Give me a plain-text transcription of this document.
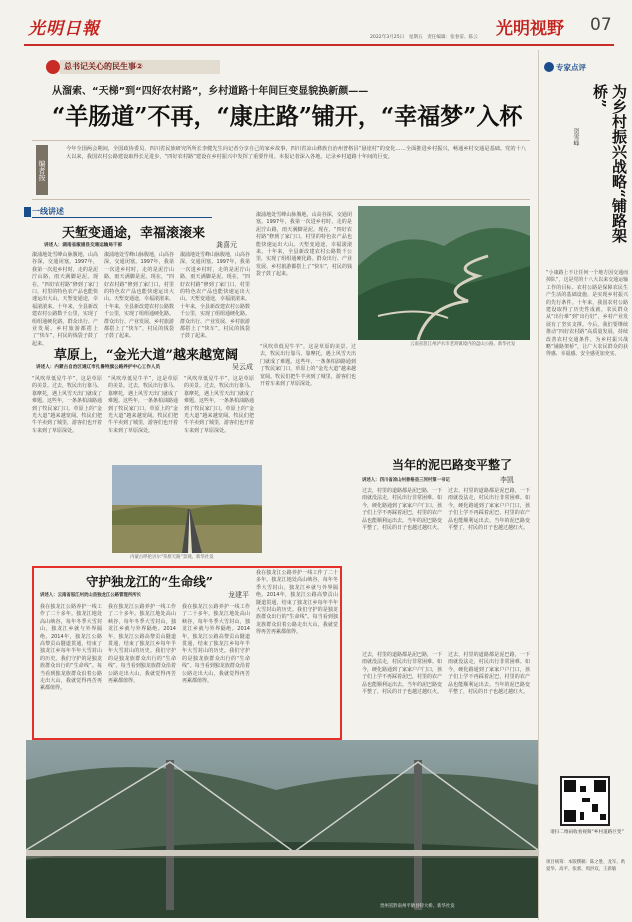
光明日報	2022年3月25日　星期五　责任编辑：张春雷、陈云	光明视野	07
总书记关心的民生事②
从溜索、“天梯”到“四好农村路”，乡村道路十年间巨变显貌换新颜——
“羊肠道”不再，“康庄路”铺开，“幸福梦”入杯
编者按
今年全国两会期间，全国政协委员、四川省民族研究所所长李健先生向记者分享自己的家乡故事，四川省凉山彝族自治州普格县“悬崖村”的变化……全面推进乡村振兴，畅通乡村交通是基础。党的十八大以来，我国农村公路建设取得长足进步，“四好农村路”建设在乡村振兴中发挥了重要作用。本报记者深入各地，记录乡村道路十年间的巨变。
一线讲述
云南省怒江州泸水市老窝镇境内的盘山公路。新华社发
天堑变通途，幸福滚滚来
讲述人：湖南省溆浦县交通运输局干部	龚喜元
溆浦地处雪峰山脉腹地，山高谷深，交通闭塞。1997年，我第一次进乡村时，走的是泥泞山路，雨天满脚是泥。现在，“四好农村路”修到了家门口，村里的特色农产品也能快速运出大山。天堑变通途，幸福滚滚来。十年来，全县新改建农村公路数千公里，实现了组组通硬化路。群众出行、产业发展、乡村旅游都搭上了“快车”，村民的钱袋子鼓了起来。
溆浦地处雪峰山脉腹地，山高谷深，交通闭塞。1997年，我第一次进乡村时，走的是泥泞山路，雨天满脚是泥。现在，“四好农村路”修到了家门口，村里的特色农产品也能快速运出大山。天堑变通途，幸福滚滚来。十年来，全县新改建农村公路数千公里，实现了组组通硬化路。群众出行、产业发展、乡村旅游都搭上了“快车”，村民的钱袋子鼓了起来。
溆浦地处雪峰山脉腹地，山高谷深，交通闭塞。1997年，我第一次进乡村时，走的是泥泞山路，雨天满脚是泥。现在，“四好农村路”修到了家门口，村里的特色农产品也能快速运出大山。天堑变通途，幸福滚滚来。十年来，全县新改建农村公路数千公里，实现了组组通硬化路。群众出行、产业发展、乡村旅游都搭上了“快车”，村民的钱袋子鼓了起来。
溆浦地处雪峰山脉腹地，山高谷深，交通闭塞。1997年，我第一次进乡村时，走的是泥泞山路，雨天满脚是泥。现在，“四好农村路”修到了家门口，村里的特色农产品也能快速运出大山。天堑变通途，幸福滚滚来。十年来，全县新改建农村公路数千公里，实现了组组通硬化路。群众出行、产业发展、乡村旅游都搭上了“快车”，村民的钱袋子鼓了起来。
草原上，“金光大道”越来越宽阔
讲述人：内蒙古自治区通辽市扎鲁特旗公路养护中心工作人员	吴云成
“风吹草低见牛羊”，这是草原的美景。过去，牧民出行靠马、靠摩托，遇上风雪天出门就成了难题。这些年，一条条柏油路通到了牧民家门口，草原上的“金光大道”越来越宽阔。牧民们把牛羊卖到了城里，游客们也开着车来到了草原深处。
“风吹草低见牛羊”，这是草原的美景。过去，牧民出行靠马、靠摩托，遇上风雪天出门就成了难题。这些年，一条条柏油路通到了牧民家门口，草原上的“金光大道”越来越宽阔。牧民们把牛羊卖到了城里，游客们也开着车来到了草原深处。
“风吹草低见牛羊”，这是草原的美景。过去，牧民出行靠马、靠摩托，遇上风雪天出门就成了难题。这些年，一条条柏油路通到了牧民家门口，草原上的“金光大道”越来越宽阔。牧民们把牛羊卖到了城里，游客们也开着车来到了草原深处。
“风吹草低见牛羊”，这是草原的美景。过去，牧民出行靠马、靠摩托，遇上风雪天出门就成了难题。这些年，一条条柏油路通到了牧民家门口，草原上的“金光大道”越来越宽阔。牧民们把牛羊卖到了城里，游客们也开着车来到了草原深处。
内蒙古呼伦贝尔“草原天路”景观。新华社发
当年的泥巴路变平整了
讲述人：四川省凉山州普格县三河村第一书记	李凯
过去，村里的道路都是泥巴路，一下雨就没法走，村民出行非常困难。如今，硬化路通到了家家户户门口，孩子们上学不再踩着泥巴，村里的农产品也能顺利运出去。当年的泥巴路变平整了，村民的日子也越过越红火。
过去，村里的道路都是泥巴路，一下雨就没法走，村民出行非常困难。如今，硬化路通到了家家户户门口，孩子们上学不再踩着泥巴，村里的农产品也能顺利运出去。当年的泥巴路变平整了，村民的日子也越过越红火。
过去，村里的道路都是泥巴路，一下雨就没法走，村民出行非常困难。如今，硬化路通到了家家户户门口，孩子们上学不再踩着泥巴，村里的农产品也能顺利运出去。当年的泥巴路变平整了，村民的日子也越过越红火。
过去，村里的道路都是泥巴路，一下雨就没法走，村民出行非常困难。如今，硬化路通到了家家户户门口，孩子们上学不再踩着泥巴，村里的农产品也能顺利运出去。当年的泥巴路变平整了，村民的日子也越过越红火。
守护独龙江的“生命线”
讲述人：云南省怒江州贡山县独龙江公路管理所所长	龙建平
我在独龙江公路养护一线工作了二十多年。独龙江地处高山峡谷，每年冬季大雪封山，独龙江乡就与外界隔绝。2014年，独龙江公路高黎贡山隧道贯通，结束了独龙江乡每年半年大雪封山的历史。我们守护的是独龙族群众出行的“生命线”。每当看到独龙族群众沿着公路走出大山，我就觉得再苦再累都值得。
我在独龙江公路养护一线工作了二十多年。独龙江地处高山峡谷，每年冬季大雪封山，独龙江乡就与外界隔绝。2014年，独龙江公路高黎贡山隧道贯通，结束了独龙江乡每年半年大雪封山的历史。我们守护的是独龙族群众出行的“生命线”。每当看到独龙族群众沿着公路走出大山，我就觉得再苦再累都值得。
我在独龙江公路养护一线工作了二十多年。独龙江地处高山峡谷，每年冬季大雪封山，独龙江乡就与外界隔绝。2014年，独龙江公路高黎贡山隧道贯通，结束了独龙江乡每年半年大雪封山的历史。我们守护的是独龙族群众出行的“生命线”。每当看到独龙族群众沿着公路走出大山，我就觉得再苦再累都值得。
我在独龙江公路养护一线工作了二十多年。独龙江地处高山峡谷，每年冬季大雪封山，独龙江乡就与外界隔绝。2014年，独龙江公路高黎贡山隧道贯通，结束了独龙江乡每年半年大雪封山的历史。我们守护的是独龙族群众出行的“生命线”。每当看到独龙族群众沿着公路走出大山，我就觉得再苦再累都值得。
贵州省黔南州平塘县特大桥。新华社发
专家点评
为乡村振兴战略“铺路架桥”
贺雪峰
“小康路上不让任何一个地方因交通而掉队”，这是党的十八大以来交通运输工作的目标。农村公路是保障农民生产生活的基础设施，是实现乡村振兴的先行条件。十年来，我国农村公路建设取得了历史性成就，农民群众从“出行难”到“出行好”，乡村产业发展有了坚实支撑。今后，我们要继续推动“四好农村路”高质量发展，持续改善农村交通条件，为乡村振兴战略“铺路架桥”，让广大农民群众的获得感、幸福感、安全感更加充实。
请扫二维码收看视频“乡村道路巨变”
项目统筹：本版撰稿：陈之胜、龙军、禹爱华、高平、张蕾、周洪双、王新敏
